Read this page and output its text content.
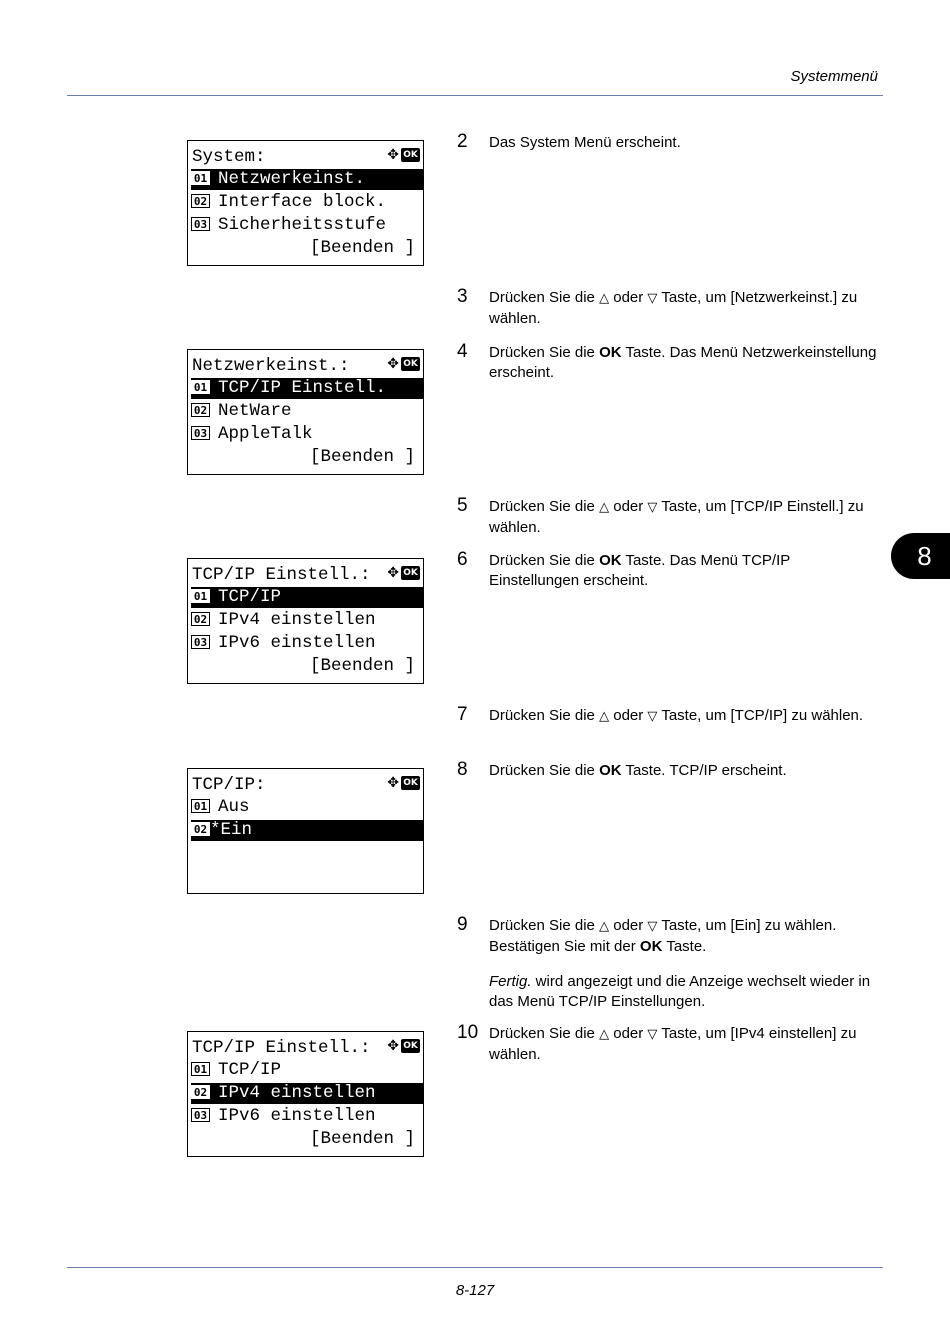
Systemmenü
8
System:	✥ OK
01 Netzwerkeinst.
02 Interface block.
03 Sicherheitsstufe
[Beenden ]
Netzwerkeinst.:	✥ OK
01 TCP/IP Einstell.
02 NetWare
03 AppleTalk
[Beenden ]
TCP/IP Einstell.: ✥ OK
01 TCP/IP
02 IPv4 einstellen
03 IPv6 einstellen
[Beenden ]
TCP/IP:	✥ OK
01 Aus
02 *Ein
TCP/IP Einstell.: ✥ OK
01 TCP/IP
02 IPv4 einstellen
03 IPv6 einstellen
[Beenden ]
2 Das System Menü erscheint.
3 Drücken Sie die △ oder ▽ Taste, um [Netzwerkeinst.] zu wählen.
4 Drücken Sie die OK Taste. Das Menü Netzwerkeinstellung erscheint.
5 Drücken Sie die △ oder ▽ Taste, um [TCP/IP Einstell.] zu wählen.
6 Drücken Sie die OK Taste. Das Menü TCP/IP Einstellungen erscheint.
7 Drücken Sie die △ oder ▽ Taste, um [TCP/IP] zu wählen.
8 Drücken Sie die OK Taste. TCP/IP erscheint.
9 Drücken Sie die △ oder ▽ Taste, um [Ein] zu wählen. Bestätigen Sie mit der OK Taste.
Fertig. wird angezeigt und die Anzeige wechselt wieder in das Menü TCP/IP Einstellungen.
10 Drücken Sie die △ oder ▽ Taste, um [IPv4 einstellen] zu wählen.
8-127
